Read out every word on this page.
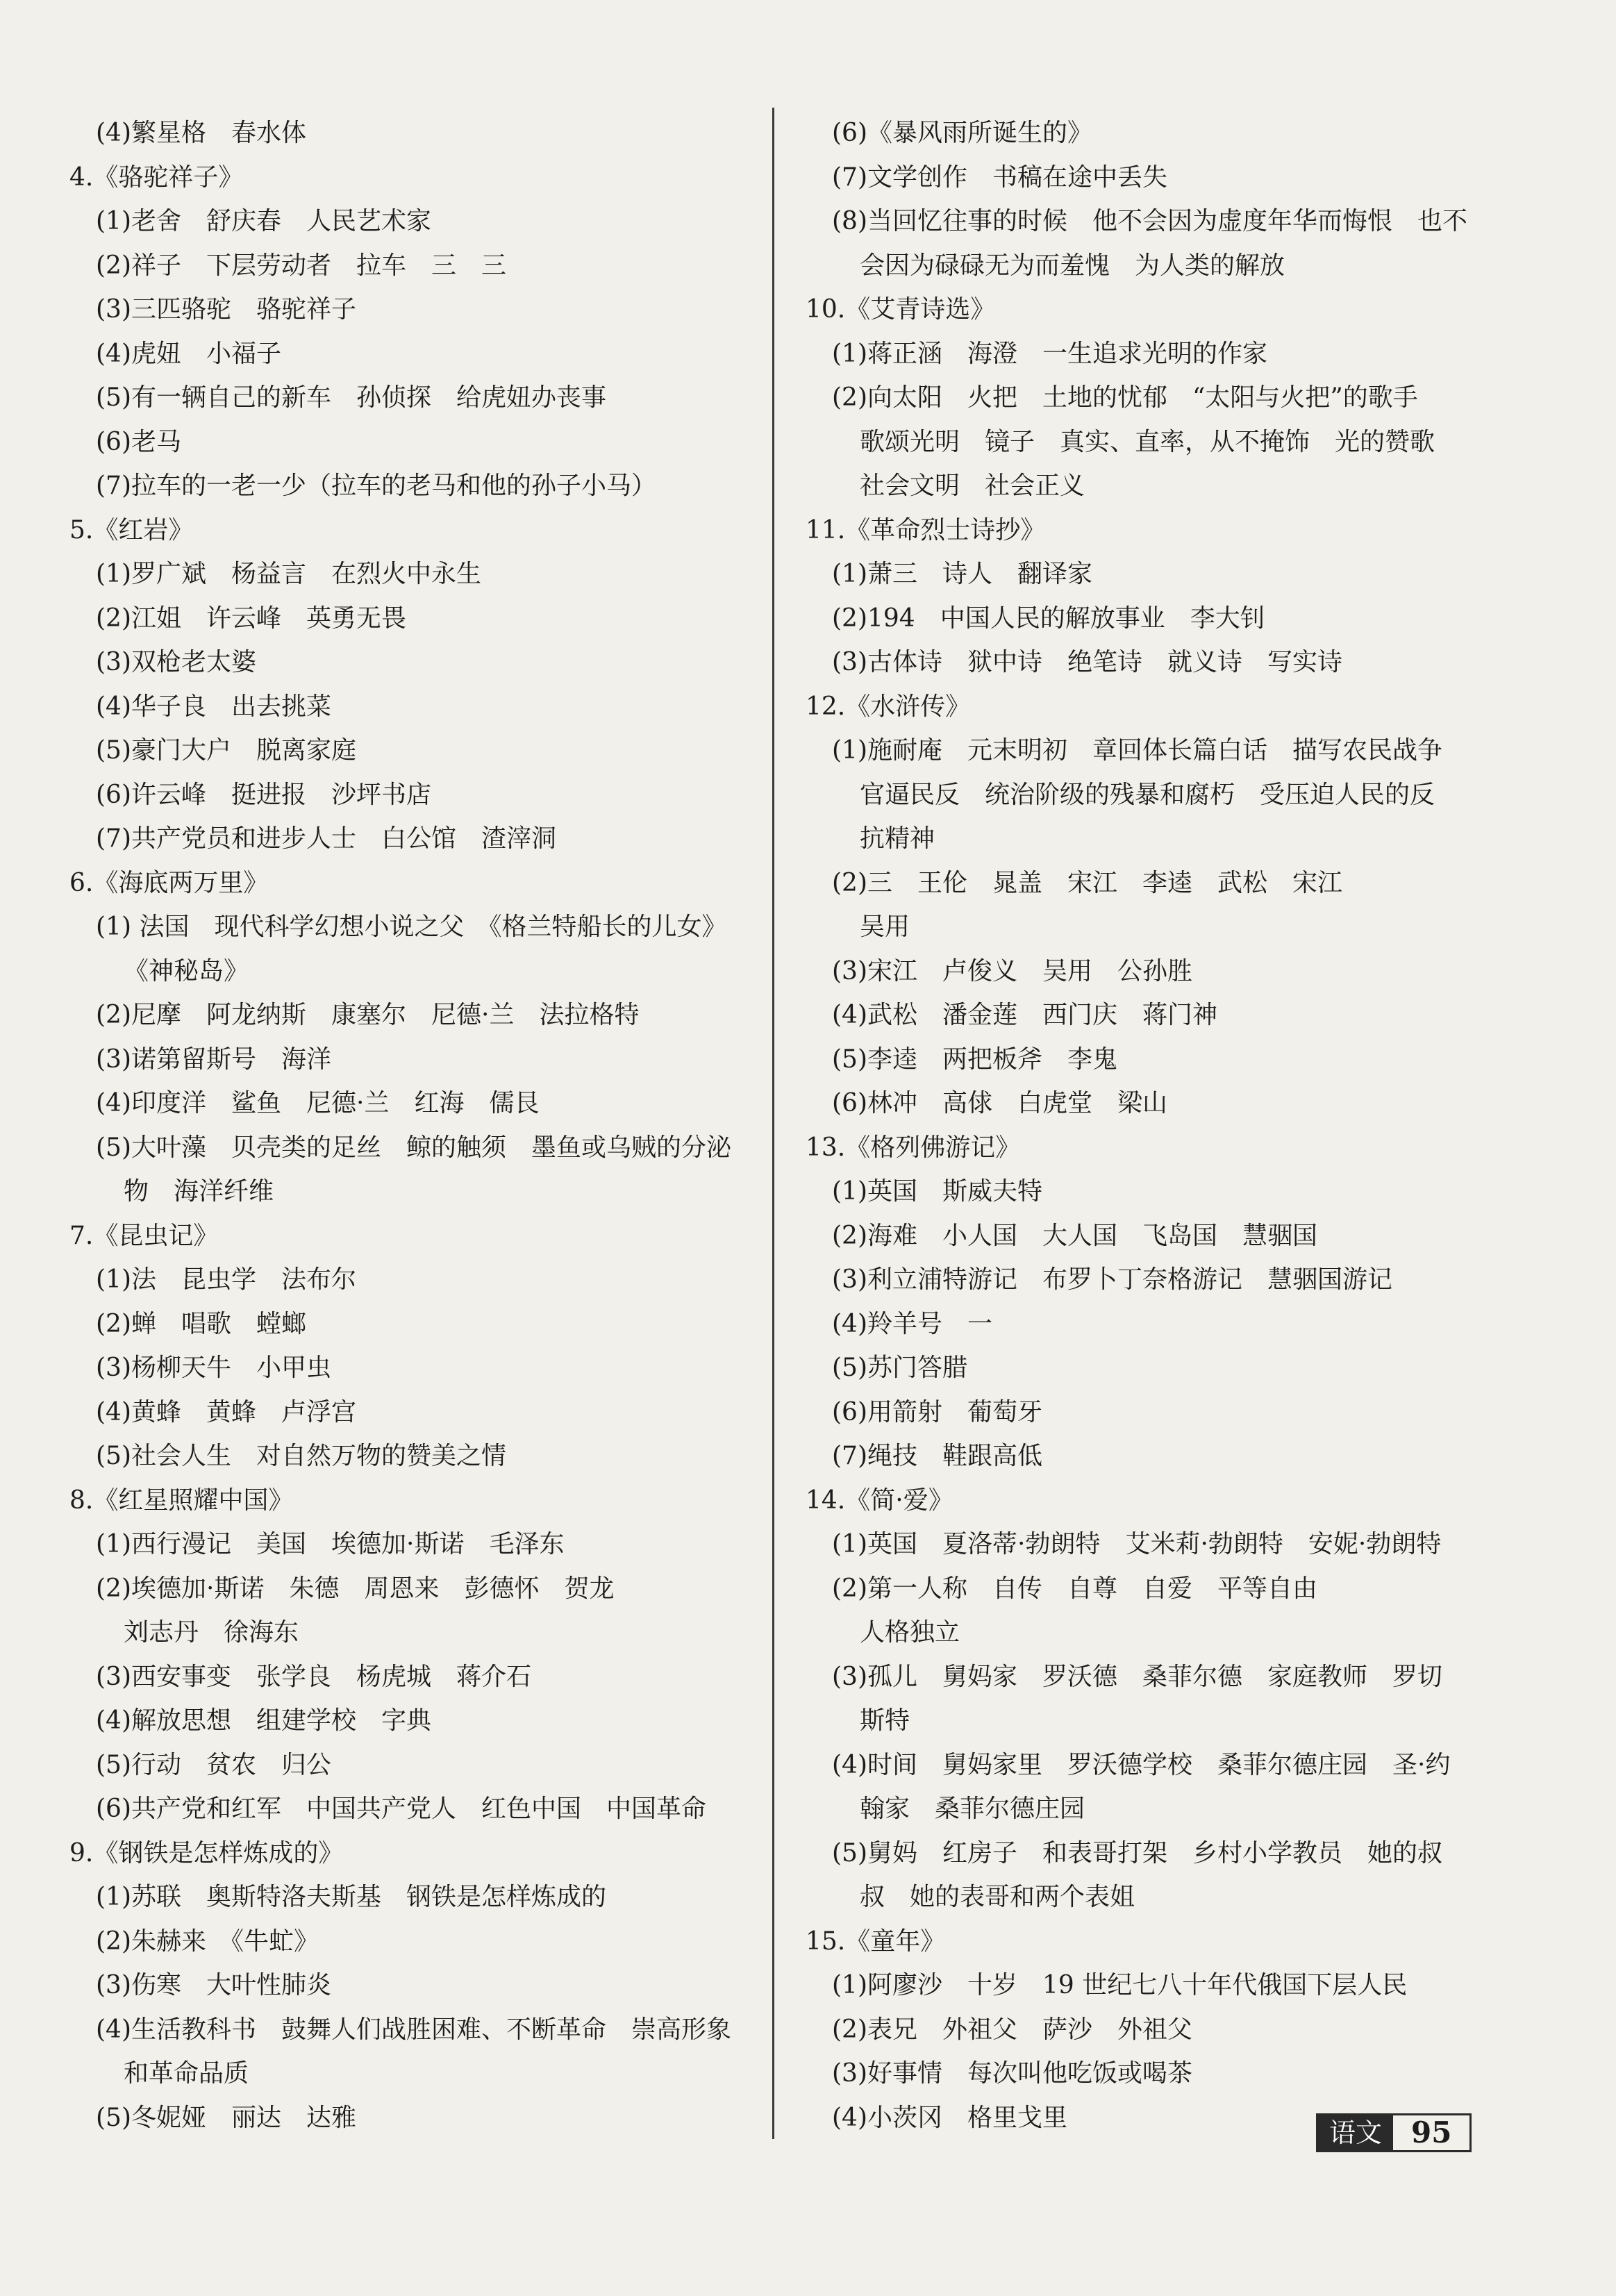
(4)繁星格　春水体
4.《骆驼祥子》
(1)老舍　舒庆春　人民艺术家
(2)祥子　下层劳动者　拉车　三　三
(3)三匹骆驼　骆驼祥子
(4)虎妞　小福子
(5)有一辆自己的新车　孙侦探　给虎妞办丧事
(6)老马
(7)拉车的一老一少（拉车的老马和他的孙子小马）
5.《红岩》
(1)罗广斌　杨益言　在烈火中永生
(2)江姐　许云峰　英勇无畏
(3)双枪老太婆
(4)华子良　出去挑菜
(5)豪门大户　脱离家庭
(6)许云峰　挺进报　沙坪书店
(7)共产党员和进步人士　白公馆　渣滓洞
6.《海底两万里》
(1) 法国　现代科学幻想小说之父　《格兰特船长的儿女》
《神秘岛》
(2)尼摩　阿龙纳斯　康塞尔　尼德·兰　法拉格特
(3)诺第留斯号　海洋
(4)印度洋　鲨鱼　尼德·兰　红海　儒艮
(5)大叶藻　贝壳类的足丝　鲸的触须　墨鱼或乌贼的分泌
物　海洋纤维
7.《昆虫记》
(1)法　昆虫学　法布尔
(2)蝉　唱歌　螳螂
(3)杨柳天牛　小甲虫
(4)黄蜂　黄蜂　卢浮宫
(5)社会人生　对自然万物的赞美之情
8.《红星照耀中国》
(1)西行漫记　美国　埃德加·斯诺　毛泽东
(2)埃德加·斯诺　朱德　周恩来　彭德怀　贺龙
刘志丹　徐海东
(3)西安事变　张学良　杨虎城　蒋介石
(4)解放思想　组建学校　字典
(5)行动　贫农　归公
(6)共产党和红军　中国共产党人　红色中国　中国革命
9.《钢铁是怎样炼成的》
(1)苏联　奥斯特洛夫斯基　钢铁是怎样炼成的
(2)朱赫来　《牛虻》
(3)伤寒　大叶性肺炎
(4)生活教科书　鼓舞人们战胜困难、不断革命　崇高形象
和革命品质
(5)冬妮娅　丽达　达雅
(6)《暴风雨所诞生的》
(7)文学创作　书稿在途中丢失
(8)当回忆往事的时候　他不会因为虚度年华而悔恨　也不
会因为碌碌无为而羞愧　为人类的解放
10.《艾青诗选》
(1)蒋正涵　海澄　一生追求光明的作家
(2)向太阳　火把　土地的忧郁　“太阳与火把”的歌手
歌颂光明　镜子　真实、直率，从不掩饰　光的赞歌
社会文明　社会正义
11.《革命烈士诗抄》
(1)萧三　诗人　翻译家
(2)194　中国人民的解放事业　李大钊
(3)古体诗　狱中诗　绝笔诗　就义诗　写实诗
12.《水浒传》
(1)施耐庵　元末明初　章回体长篇白话　描写农民战争
官逼民反　统治阶级的残暴和腐朽　受压迫人民的反
抗精神
(2)三　王伦　晁盖　宋江　李逵　武松　宋江
吴用
(3)宋江　卢俊义　吴用　公孙胜
(4)武松　潘金莲　西门庆　蒋门神
(5)李逵　两把板斧　李鬼
(6)林冲　高俅　白虎堂　梁山
13.《格列佛游记》
(1)英国　斯威夫特
(2)海难　小人国　大人国　飞岛国　慧骃国
(3)利立浦特游记　布罗卜丁奈格游记　慧骃国游记
(4)羚羊号　一
(5)苏门答腊
(6)用箭射　葡萄牙
(7)绳技　鞋跟高低
14.《简·爱》
(1)英国　夏洛蒂·勃朗特　艾米莉·勃朗特　安妮·勃朗特
(2)第一人称　自传　自尊　自爱　平等自由
人格独立
(3)孤儿　舅妈家　罗沃德　桑菲尔德　家庭教师　罗切
斯特
(4)时间　舅妈家里　罗沃德学校　桑菲尔德庄园　圣·约
翰家　桑菲尔德庄园
(5)舅妈　红房子　和表哥打架　乡村小学教员　她的叔
叔　她的表哥和两个表姐
15.《童年》
(1)阿廖沙　十岁　19 世纪七八十年代俄国下层人民
(2)表兄　外祖父　萨沙　外祖父
(3)好事情　每次叫他吃饭或喝茶
(4)小茨冈　格里戈里	语文	95
